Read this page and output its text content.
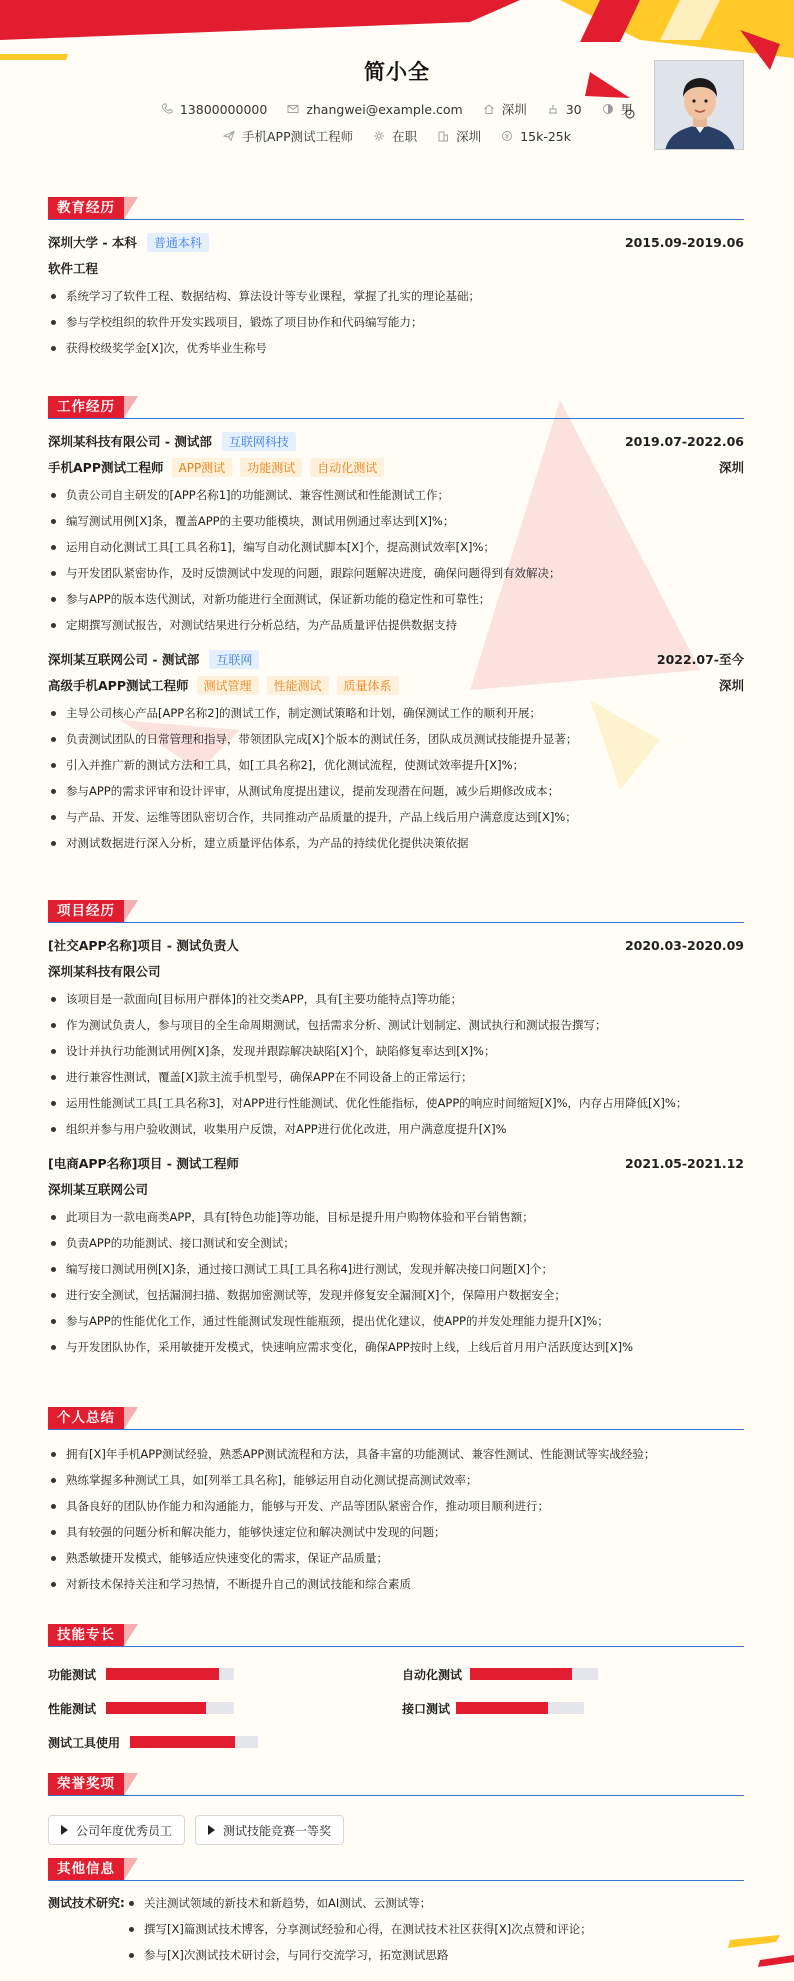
简小全
13800000000	zhangwei@example.com	深圳	30	男
手机APP测试工程师	在职	深圳	15k-25k
教育经历
深圳大学 - 本科	普通本科	2015.09-2019.06
软件工程
系统学习了软件工程、数据结构、算法设计等专业课程，掌握了扎实的理论基础；
参与学校组织的软件开发实践项目，锻炼了项目协作和代码编写能力；
获得校级奖学金[X]次，优秀毕业生称号
工作经历
深圳某科技有限公司 - 测试部	互联网科技	2019.07-2022.06
手机APP测试工程师	APP测试	功能测试	自动化测试	深圳
负责公司自主研发的[APP名称1]的功能测试、兼容性测试和性能测试工作；
编写测试用例[X]条，覆盖APP的主要功能模块，测试用例通过率达到[X]%；
运用自动化测试工具[工具名称1]，编写自动化测试脚本[X]个，提高测试效率[X]%；
与开发团队紧密协作，及时反馈测试中发现的问题，跟踪问题解决进度，确保问题得到有效解决；
参与APP的版本迭代测试，对新功能进行全面测试，保证新功能的稳定性和可靠性；
定期撰写测试报告，对测试结果进行分析总结，为产品质量评估提供数据支持
深圳某互联网公司 - 测试部	互联网	2022.07-至今
高级手机APP测试工程师	测试管理	性能测试	质量体系	深圳
主导公司核心产品[APP名称2]的测试工作，制定测试策略和计划，确保测试工作的顺利开展；
负责测试团队的日常管理和指导，带领团队完成[X]个版本的测试任务，团队成员测试技能提升显著；
引入并推广新的测试方法和工具，如[工具名称2]，优化测试流程，使测试效率提升[X]%；
参与APP的需求评审和设计评审，从测试角度提出建议，提前发现潜在问题，减少后期修改成本；
与产品、开发、运维等团队密切合作，共同推动产品质量的提升，产品上线后用户满意度达到[X]%；
对测试数据进行深入分析，建立质量评估体系，为产品的持续优化提供决策依据
项目经历
[社交APP名称]项目 - 测试负责人	2020.03-2020.09
深圳某科技有限公司
该项目是一款面向[目标用户群体]的社交类APP，具有[主要功能特点]等功能；
作为测试负责人，参与项目的全生命周期测试，包括需求分析、测试计划制定、测试执行和测试报告撰写；
设计并执行功能测试用例[X]条，发现并跟踪解决缺陷[X]个，缺陷修复率达到[X]%；
进行兼容性测试，覆盖[X]款主流手机型号，确保APP在不同设备上的正常运行；
运用性能测试工具[工具名称3]，对APP进行性能测试、优化性能指标，使APP的响应时间缩短[X]%，内存占用降低[X]%；
组织并参与用户验收测试，收集用户反馈，对APP进行优化改进，用户满意度提升[X]%
[电商APP名称]项目 - 测试工程师	2021.05-2021.12
深圳某互联网公司
此项目为一款电商类APP，具有[特色功能]等功能，目标是提升用户购物体验和平台销售额；
负责APP的功能测试、接口测试和安全测试；
编写接口测试用例[X]条，通过接口测试工具[工具名称4]进行测试，发现并解决接口问题[X]个；
进行安全测试，包括漏洞扫描、数据加密测试等，发现并修复安全漏洞[X]个，保障用户数据安全；
参与APP的性能优化工作，通过性能测试发现性能瓶颈，提出优化建议，使APP的并发处理能力提升[X]%；
与开发团队协作，采用敏捷开发模式，快速响应需求变化，确保APP按时上线，上线后首月用户活跃度达到[X]%
个人总结
拥有[X]年手机APP测试经验，熟悉APP测试流程和方法，具备丰富的功能测试、兼容性测试、性能测试等实战经验；
熟练掌握多种测试工具，如[列举工具名称]，能够运用自动化测试提高测试效率；
具备良好的团队协作能力和沟通能力，能够与开发、产品等团队紧密合作，推动项目顺利进行；
具有较强的问题分析和解决能力，能够快速定位和解决测试中发现的问题；
熟悉敏捷开发模式，能够适应快速变化的需求，保证产品质量；
对新技术保持关注和学习热情，不断提升自己的测试技能和综合素质
技能专长
功能测试	自动化测试
性能测试	接口测试
测试工具使用
荣誉奖项
公司年度优秀员工	测试技能竞赛一等奖
其他信息
测试技术研究:	关注测试领域的新技术和新趋势，如AI测试、云测试等；
撰写[X]篇测试技术博客，分享测试经验和心得，在测试技术社区获得[X]次点赞和评论；
参与[X]次测试技术研讨会，与同行交流学习，拓宽测试思路
